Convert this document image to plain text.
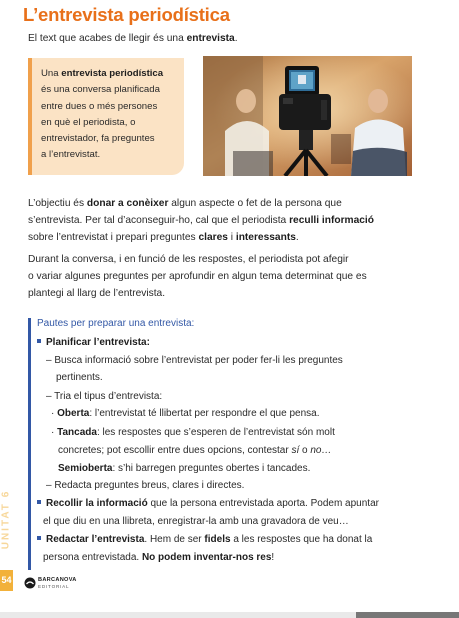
L’entrevista periodística
El text que acabes de llegir és una entrevista.
Una entrevista periodística
és una conversa planificada
entre dues o més persones
en què el periodista, o
entrevistador, fa preguntes
a l’entrevistat.
L’objectiu és donar a conèixer algun aspecte o fet de la persona que
s’entrevista. Per tal d’aconseguir-ho, cal que el periodista reculli informació
sobre l’entrevistat i prepari preguntes clares i interessants.
Durant la conversa, i en funció de les respostes, el periodista pot afegir
o variar algunes preguntes per aprofundir en algun tema determinat que es
plantegi al llarg de l’entrevista.
Pautes per preparar una entrevista:
Planificar l’entrevista:
– Busca informació sobre l’entrevistat per poder fer-li les preguntes
pertinents.
– Tria el tipus d’entrevista:
· Oberta: l’entrevistat té llibertat per respondre el que pensa.
· Tancada: les respostes que s’esperen de l’entrevistat són molt
concretes; pot escollir entre dues opcions, contestar sí o no…
Semioberta: s’hi barregen preguntes obertes i tancades.
– Redacta preguntes breus, clares i directes.
Recollir la informació que la persona entrevistada aporta. Podem apuntar
el que diu en una llibreta, enregistrar-la amb una gravadora de veu…
Redactar l’entrevista. Hem de ser fidels a les respostes que ha donat la
persona entrevistada. No podem inventar-nos res!
UNITAT 6
54	BARCANOVA
EDITORIAL
